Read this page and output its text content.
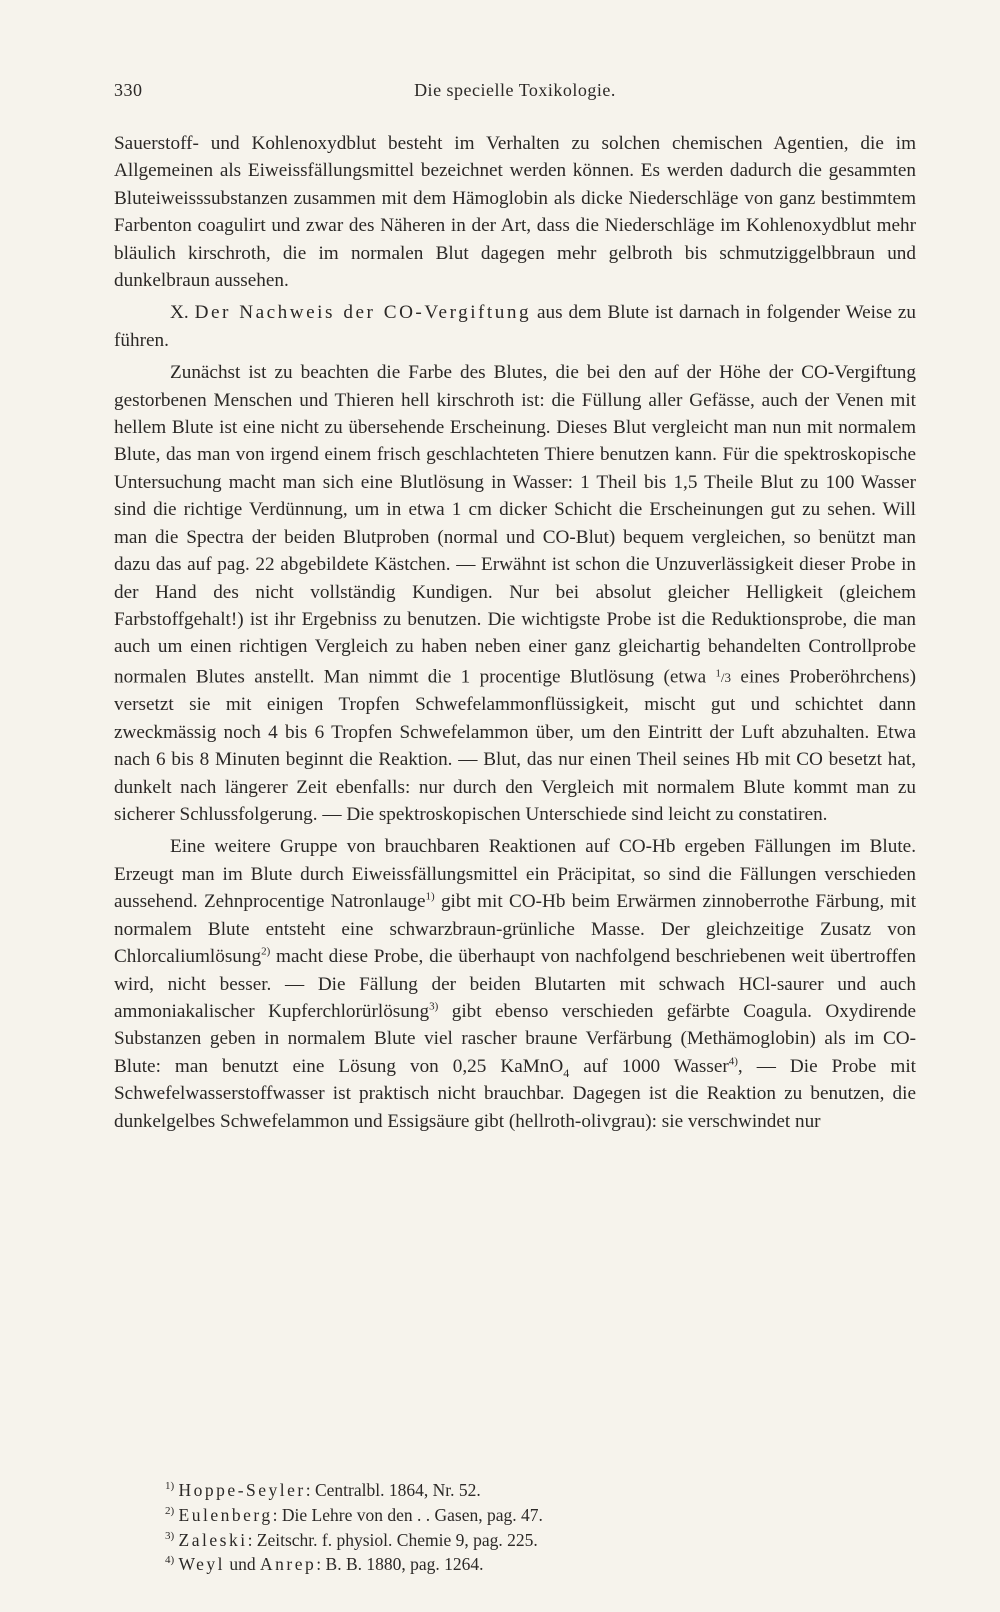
330	Die specielle Toxikologie.

Sauerstoff- und Kohlenoxydblut besteht im Verhalten zu solchen chemischen Agentien, die im Allgemeinen als Eiweissfällungsmittel bezeichnet werden können. Es werden dadurch die gesammten Bluteiweisssubstanzen zusammen mit dem Hämoglobin als dicke Niederschläge von ganz bestimmtem Farbenton coagulirt und zwar des Näheren in der Art, dass die Niederschläge im Kohlenoxydblut mehr bläulich kirschroth, die im normalen Blut dagegen mehr gelbroth bis schmutziggelbbraun und dunkelbraun aussehen.

X. Der Nachweis der CO-Vergiftung aus dem Blute ist darnach in folgender Weise zu führen.

Zunächst ist zu beachten die Farbe des Blutes, die bei den auf der Höhe der CO-Vergiftung gestorbenen Menschen und Thieren hell kirschroth ist: die Füllung aller Gefässe, auch der Venen mit hellem Blute ist eine nicht zu übersehende Erscheinung. Dieses Blut vergleicht man nun mit normalem Blute, das man von irgend einem frisch geschlachteten Thiere benutzen kann. Für die spektroskopische Untersuchung macht man sich eine Blutlösung in Wasser: 1 Theil bis 1,5 Theile Blut zu 100 Wasser sind die richtige Verdünnung, um in etwa 1 cm dicker Schicht die Erscheinungen gut zu sehen. Will man die Spectra der beiden Blutproben (normal und CO-Blut) bequem vergleichen, so benützt man dazu das auf pag. 22 abgebildete Kästchen. — Erwähnt ist schon die Unzuverlässigkeit dieser Probe in der Hand des nicht vollständig Kundigen. Nur bei absolut gleicher Helligkeit (gleichem Farbstoffgehalt!) ist ihr Ergebniss zu benutzen. Die wichtigste Probe ist die Reduktionsprobe, die man auch um einen richtigen Vergleich zu haben neben einer ganz gleichartig behandelten Controllprobe normalen Blutes anstellt. Man nimmt die 1 procentige Blutlösung (etwa $^1$/3 eines Proberöhrchens) versetzt sie mit einigen Tropfen Schwefelammonflüssigkeit, mischt gut und schichtet dann zweckmässig noch 4 bis 6 Tropfen Schwefelammon über, um den Eintritt der Luft abzuhalten. Etwa nach 6 bis 8 Minuten beginnt die Reaktion. — Blut, das nur einen Theil seines Hb mit CO besetzt hat, dunkelt nach längerer Zeit ebenfalls: nur durch den Vergleich mit normalem Blute kommt man zu sicherer Schlussfolgerung. — Die spektroskopischen Unterschiede sind leicht zu constatiren.

Eine weitere Gruppe von brauchbaren Reaktionen auf CO-Hb ergeben Fällungen im Blute. Erzeugt man im Blute durch Eiweissfällungsmittel ein Präcipitat, so sind die Fällungen verschieden aussehend. Zehnprocentige Natronlauge$^{1)}$ gibt mit CO-Hb beim Erwärmen zinnoberrothe Färbung, mit normalem Blute entsteht eine schwarzbraun-grünliche Masse. Der gleichzeitige Zusatz von Chlorcaliumlösung$^{2)}$ macht diese Probe, die überhaupt von nachfolgend beschriebenen weit übertroffen wird, nicht besser. — Die Fällung der beiden Blutarten mit schwach HCl-saurer und auch ammoniakalischer Kupferchlorürlösung$^{3)}$ gibt ebenso verschieden gefärbte Coagula. Oxydirende Substanzen geben in normalem Blute viel rascher braune Verfärbung (Methämoglobin) als im CO-Blute: man benutzt eine Lösung von 0,25 KaMnO$_4$ auf 1000 Wasser$^{4)}$, — Die Probe mit Schwefelwasserstoffwasser ist praktisch nicht brauchbar. Dagegen ist die Reaktion zu benutzen, die dunkelgelbes Schwefelammon und Essigsäure gibt (hellroth-olivgrau): sie verschwindet nur

$^{1)}$ Hoppe-Seyler: Centralbl. 1864, Nr. 52.
$^{2)}$ Eulenberg: Die Lehre von den . . Gasen, pag. 47.
$^{3)}$ Zaleski: Zeitschr. f. physiol. Chemie 9, pag. 225.
$^{4)}$ Weyl und Anrep: B. B. 1880, pag. 1264.
